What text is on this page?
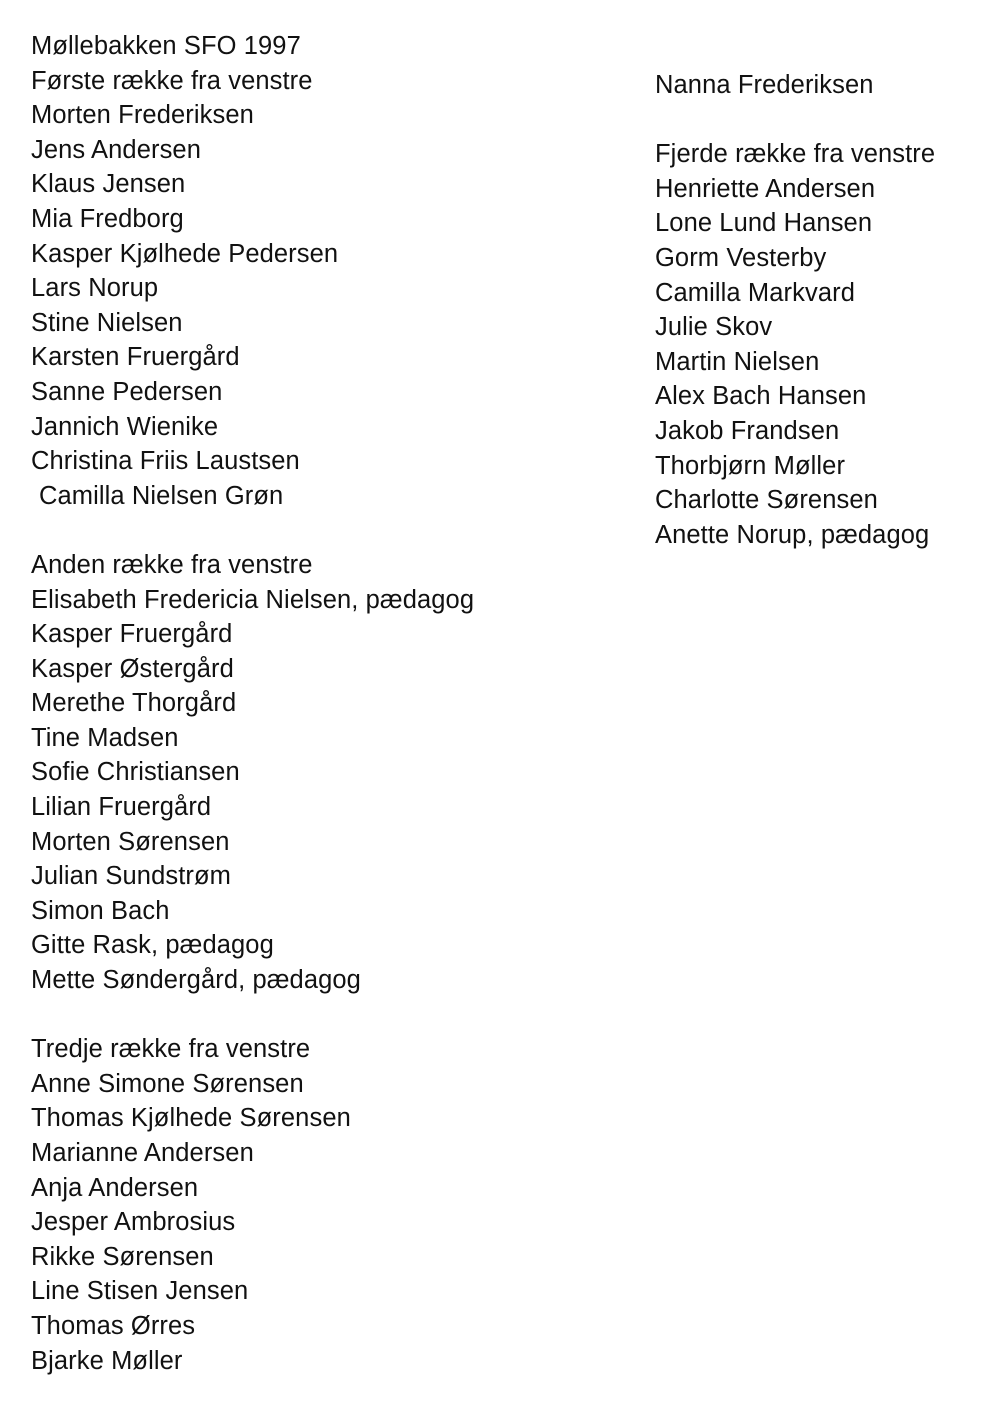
Møllebakken SFO 1997
Første række fra venstre
Morten Frederiksen
Jens Andersen
Klaus Jensen
Mia Fredborg
Kasper Kjølhede Pedersen
Lars Norup
Stine Nielsen
Karsten Fruergård
Sanne Pedersen
Jannich Wienike
Christina Friis Laustsen
Camilla Nielsen Grøn
Anden række fra venstre
Elisabeth Fredericia Nielsen, pædagog
Kasper Fruergård
Kasper Østergård
Merethe Thorgård
Tine Madsen
Sofie Christiansen
Lilian Fruergård
Morten Sørensen
Julian Sundstrøm
Simon Bach
Gitte Rask, pædagog
Mette Søndergård, pædagog
Tredje række fra venstre
Anne Simone Sørensen
Thomas Kjølhede Sørensen
Marianne Andersen
Anja Andersen
Jesper Ambrosius
Rikke Sørensen
Line Stisen Jensen
Thomas Ørres
Bjarke Møller
Nanna Frederiksen
Fjerde række fra venstre
Henriette Andersen
Lone Lund Hansen
Gorm Vesterby
Camilla Markvard
Julie Skov
Martin Nielsen
Alex Bach Hansen
Jakob Frandsen
Thorbjørn Møller
Charlotte Sørensen
Anette Norup, pædagog
